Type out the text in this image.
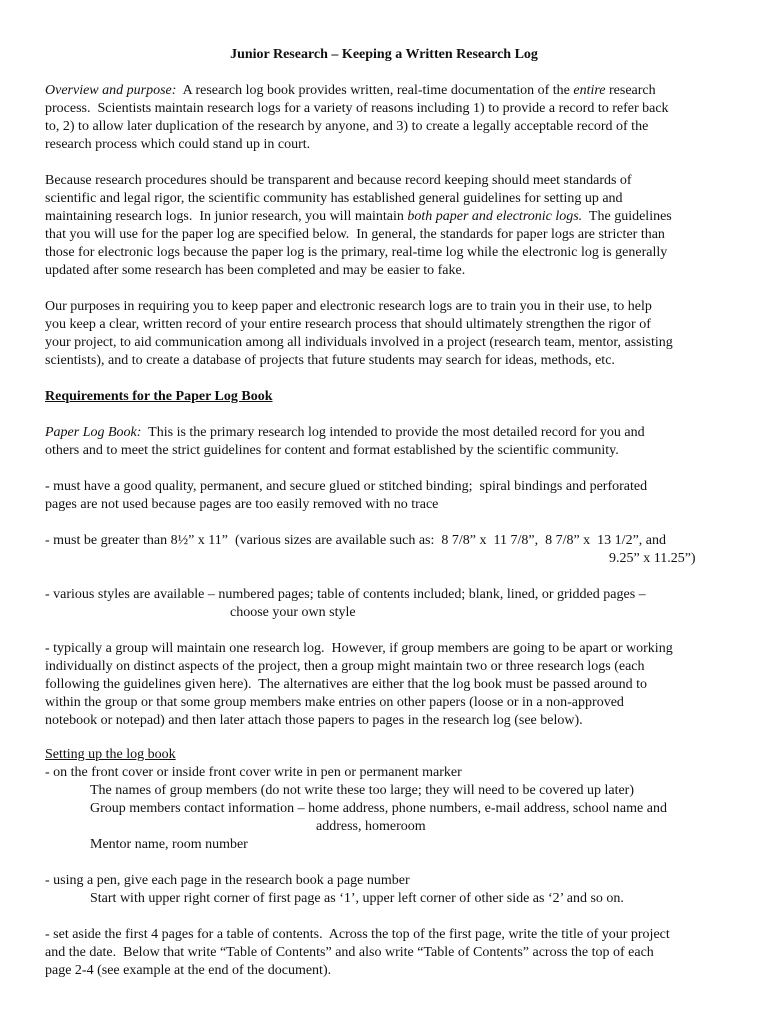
Junior Research – Keeping a Written Research Log
Overview and purpose:  A research log book provides written, real-time documentation of the entire research
process.  Scientists maintain research logs for a variety of reasons including 1) to provide a record to refer back
to, 2) to allow later duplication of the research by anyone, and 3) to create a legally acceptable record of the
research process which could stand up in court.
Because research procedures should be transparent and because record keeping should meet standards of
scientific and legal rigor, the scientific community has established general guidelines for setting up and
maintaining research logs.  In junior research, you will maintain both paper and electronic logs.  The guidelines
that you will use for the paper log are specified below.  In general, the standards for paper logs are stricter than
those for electronic logs because the paper log is the primary, real-time log while the electronic log is generally
updated after some research has been completed and may be easier to fake.
Our purposes in requiring you to keep paper and electronic research logs are to train you in their use, to help
you keep a clear, written record of your entire research process that should ultimately strengthen the rigor of
your project, to aid communication among all individuals involved in a project (research team, mentor, assisting
scientists), and to create a database of projects that future students may search for ideas, methods, etc.
Requirements for the Paper Log Book
Paper Log Book:  This is the primary research log intended to provide the most detailed record for you and
others and to meet the strict guidelines for content and format established by the scientific community.
- must have a good quality, permanent, and secure glued or stitched binding;  spiral bindings and perforated
pages are not used because pages are too easily removed with no trace
- must be greater than 8½” x 11”  (various sizes are available such as:  8 7/8” x  11 7/8”,  8 7/8” x  13 1/2”, and
9.25” x 11.25”)
- various styles are available – numbered pages; table of contents included; blank, lined, or gridded pages –
choose your own style
- typically a group will maintain one research log.  However, if group members are going to be apart or working
individually on distinct aspects of the project, then a group might maintain two or three research logs (each
following the guidelines given here).  The alternatives are either that the log book must be passed around to
within the group or that some group members make entries on other papers (loose or in a non-approved
notebook or notepad) and then later attach those papers to pages in the research log (see below).
Setting up the log book
- on the front cover or inside front cover write in pen or permanent marker
The names of group members (do not write these too large; they will need to be covered up later)
Group members contact information – home address, phone numbers, e-mail address, school name and
address, homeroom
Mentor name, room number
- using a pen, give each page in the research book a page number
Start with upper right corner of first page as ‘1’, upper left corner of other side as ‘2’ and so on.
- set aside the first 4 pages for a table of contents.  Across the top of the first page, write the title of your project
and the date.  Below that write “Table of Contents” and also write “Table of Contents” across the top of each
page 2-4 (see example at the end of the document).
